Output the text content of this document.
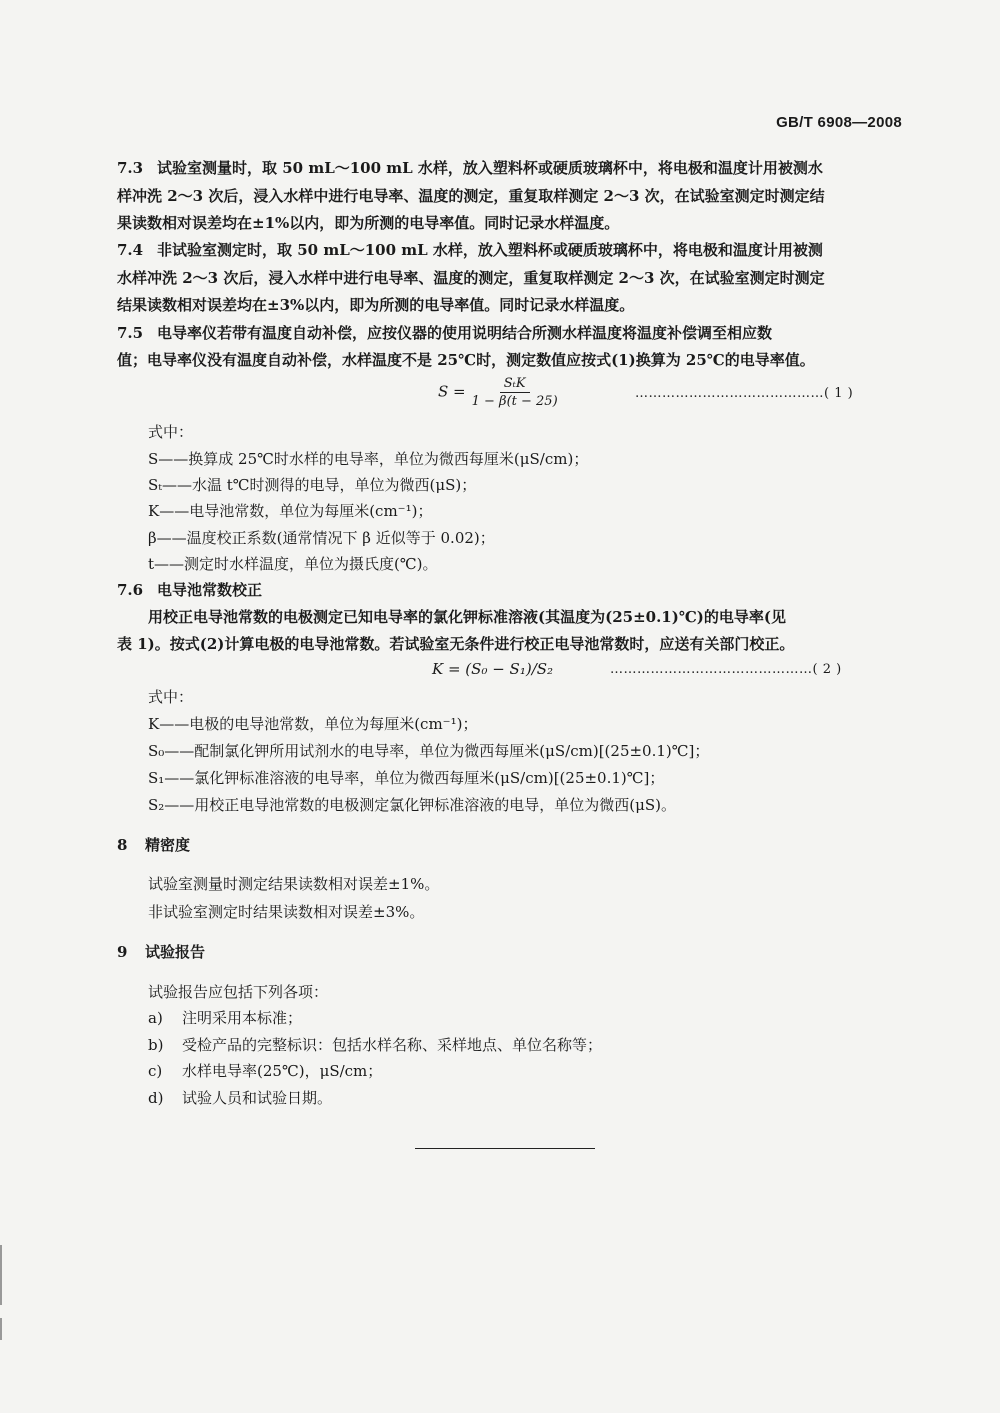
GB/T 6908—2008
7.3 试验室测量时，取 50 mL～100 mL 水样，放入塑料杯或硬质玻璃杯中，将电极和温度计用被测水
样冲洗 2～3 次后，浸入水样中进行电导率、温度的测定，重复取样测定 2～3 次，在试验室测定时测定结
果读数相对误差均在±1%以内，即为所测的电导率值。同时记录水样温度。
7.4 非试验室测定时，取 50 mL～100 mL 水样，放入塑料杯或硬质玻璃杯中，将电极和温度计用被测
水样冲洗 2～3 次后，浸入水样中进行电导率、温度的测定，重复取样测定 2～3 次，在试验室测定时测定
结果读数相对误差均在±3%以内，即为所测的电导率值。同时记录水样温度。
7.5 电导率仪若带有温度自动补偿，应按仪器的使用说明结合所测水样温度将温度补偿调至相应数
值；电导率仪没有温度自动补偿，水样温度不是 25℃时，测定数值应按式(1)换算为 25℃的电导率值。
$S = \frac{\text{SₜK}}{1 - \beta(t - 25)}$	……………………………………( 1 )
式中：
S——换算成 25℃时水样的电导率，单位为微西每厘米(μS/cm)；
Sₜ——水温 t℃时测得的电导，单位为微西(μS)；
K——电导池常数，单位为每厘米(cm⁻¹)；
β——温度校正系数(通常情况下 β 近似等于 0.02)；
t——测定时水样温度，单位为摄氏度(℃)。
7.6 电导池常数校正
用校正电导池常数的电极测定已知电导率的氯化钾标准溶液(其温度为(25±0.1)℃)的电导率(见
表 1)。按式(2)计算电极的电导池常数。若试验室无条件进行校正电导池常数时，应送有关部门校正。
K = (S₀ − S₁)/S₂	………………………………………( 2 )
式中：
K——电极的电导池常数，单位为每厘米(cm⁻¹)；
S₀——配制氯化钾所用试剂水的电导率，单位为微西每厘米(μS/cm)[(25±0.1)℃]；
S₁——氯化钾标准溶液的电导率，单位为微西每厘米(μS/cm)[(25±0.1)℃]；
S₂——用校正电导池常数的电极测定氯化钾标准溶液的电导，单位为微西(μS)。
8 精密度
试验室测量时测定结果读数相对误差±1%。
非试验室测定时结果读数相对误差±3%。
9 试验报告
试验报告应包括下列各项：
a) 注明采用本标准；
b) 受检产品的完整标识：包括水样名称、采样地点、单位名称等；
c) 水样电导率(25℃)，μS/cm；
d) 试验人员和试验日期。
